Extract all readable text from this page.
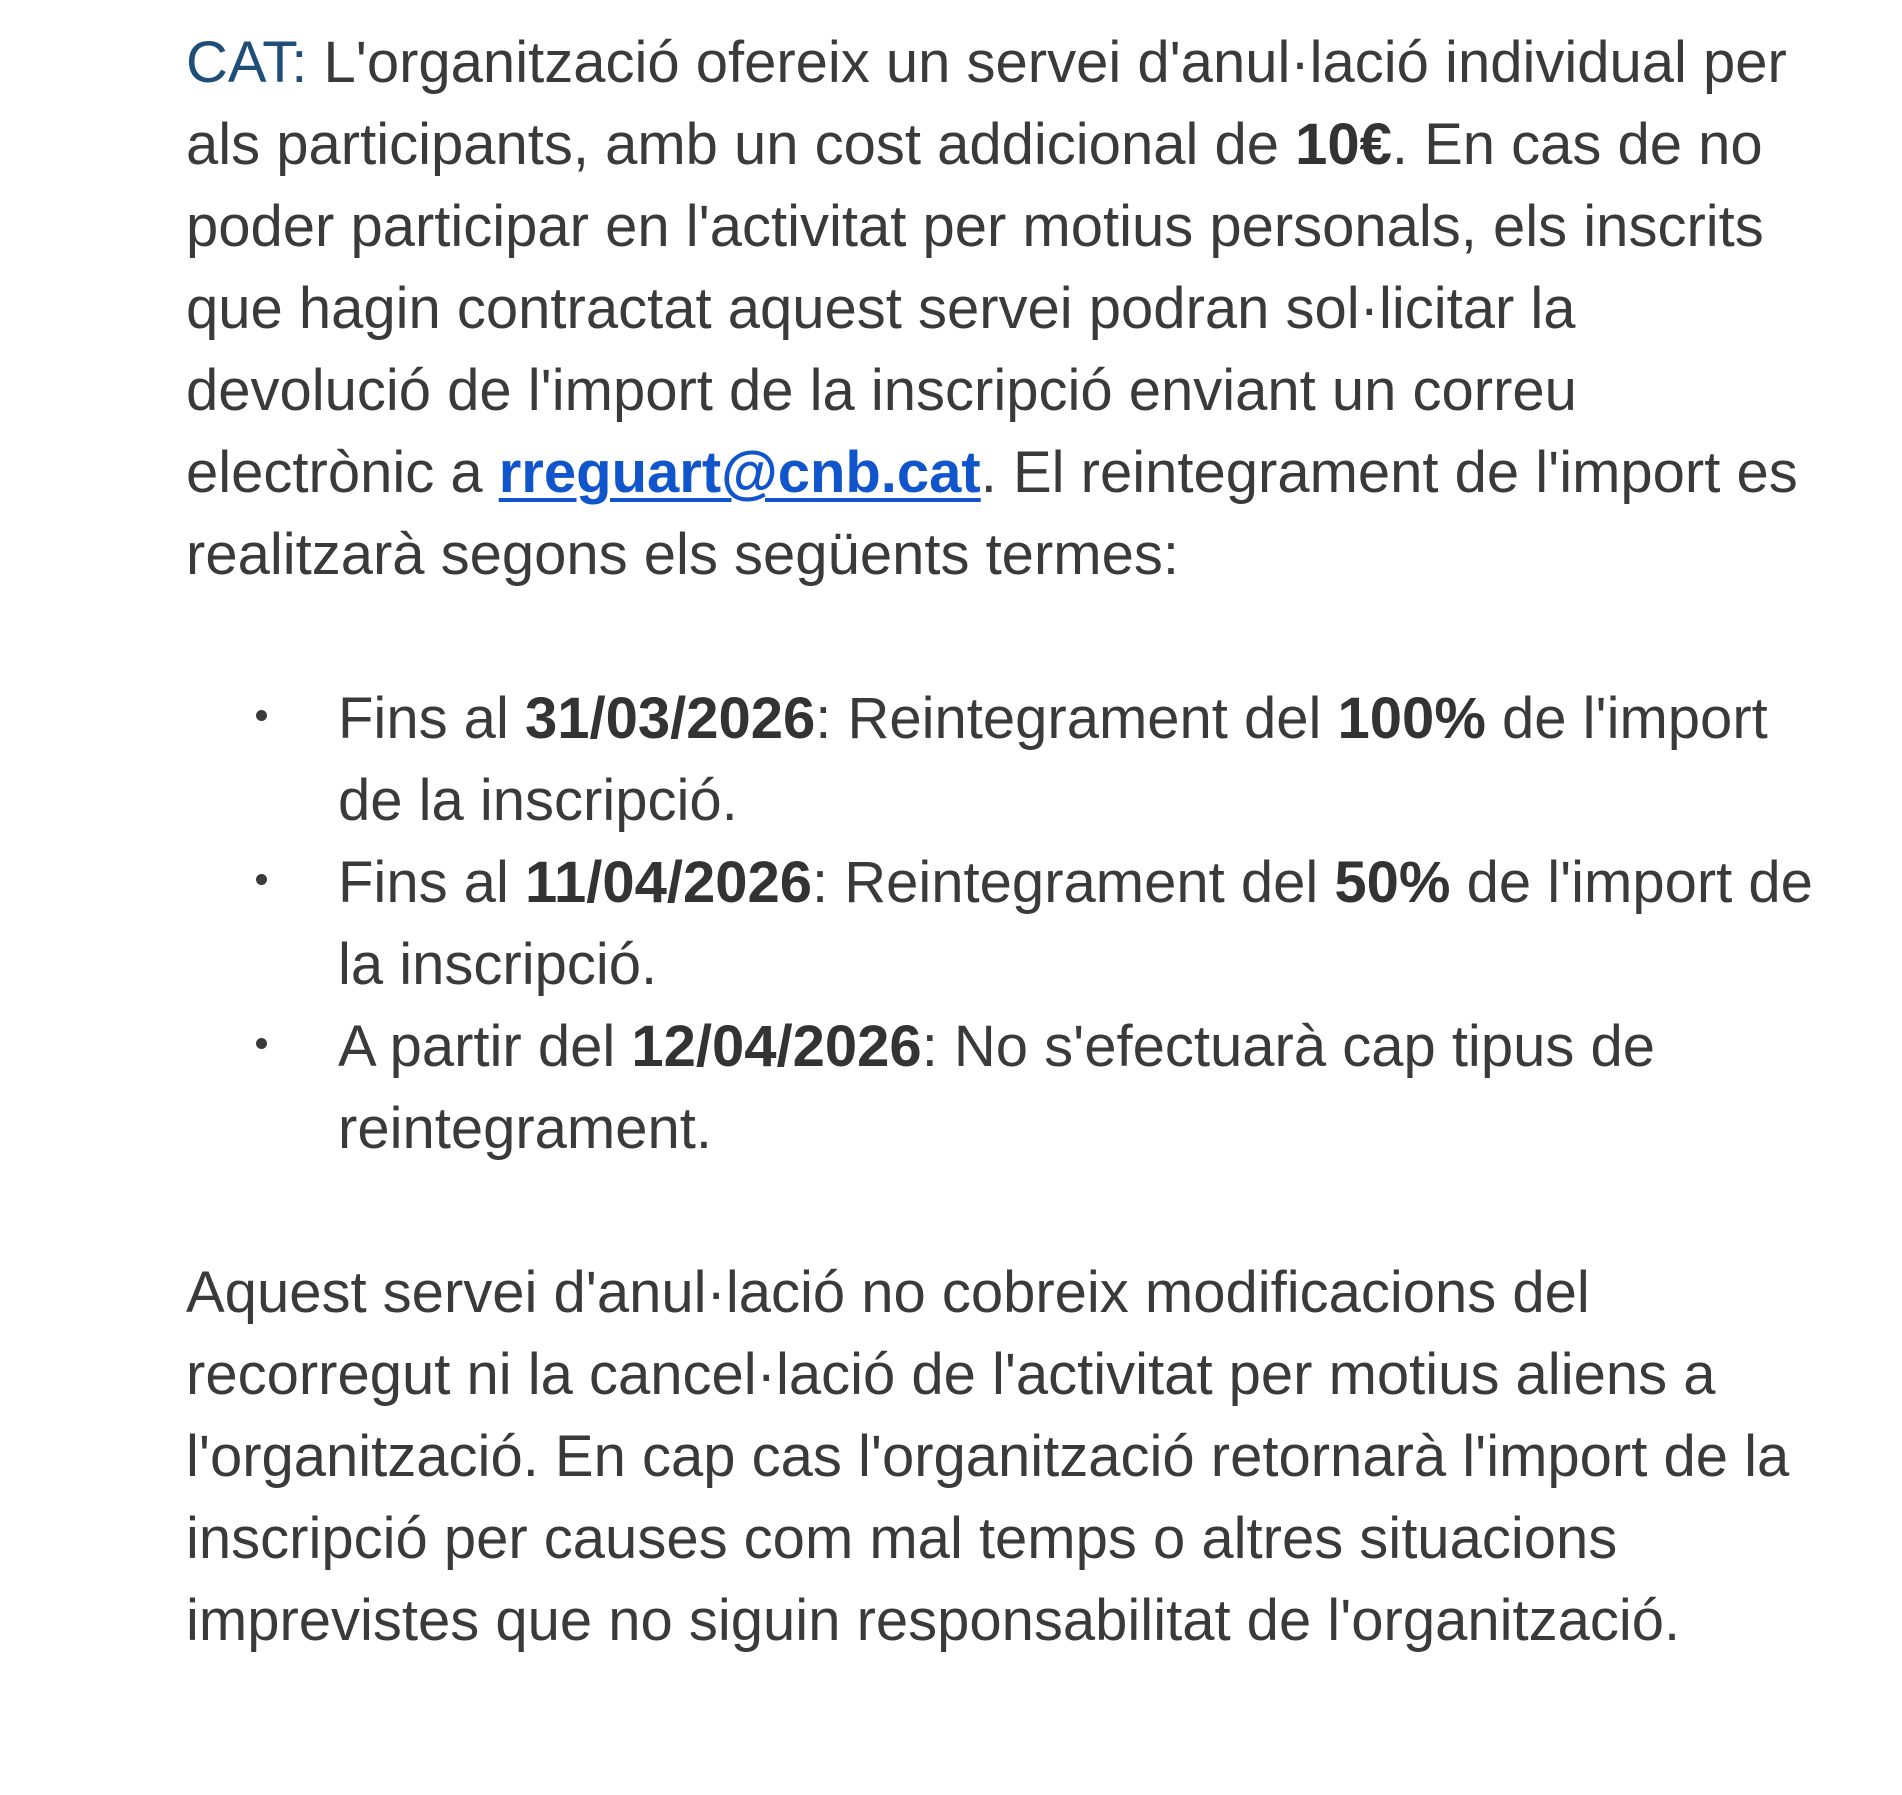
CAT: L'organització ofereix un servei d'anul·lació individual per als participants, amb un cost addicional de 10€. En cas de no poder participar en l'activitat per motius personals, els inscrits que hagin contractat aquest servei podran sol·licitar la devolució de l'import de la inscripció enviant un correu electrònic a rreguart@cnb.cat. El reintegrament de l'import es realitzarà segons els següents termes:

Fins al 31/03/2026: Reintegrament del 100% de l'import de la inscripció.
Fins al 11/04/2026: Reintegrament del 50% de l'import de la inscripció.
A partir del 12/04/2026: No s'efectuarà cap tipus de reintegrament.

Aquest servei d'anul·lació no cobreix modificacions del recorregut ni la cancel·lació de l'activitat per motius aliens a l'organització. En cap cas l'organització retornarà l'import de la inscripció per causes com mal temps o altres situacions imprevistes que no siguin responsabilitat de l'organització.
